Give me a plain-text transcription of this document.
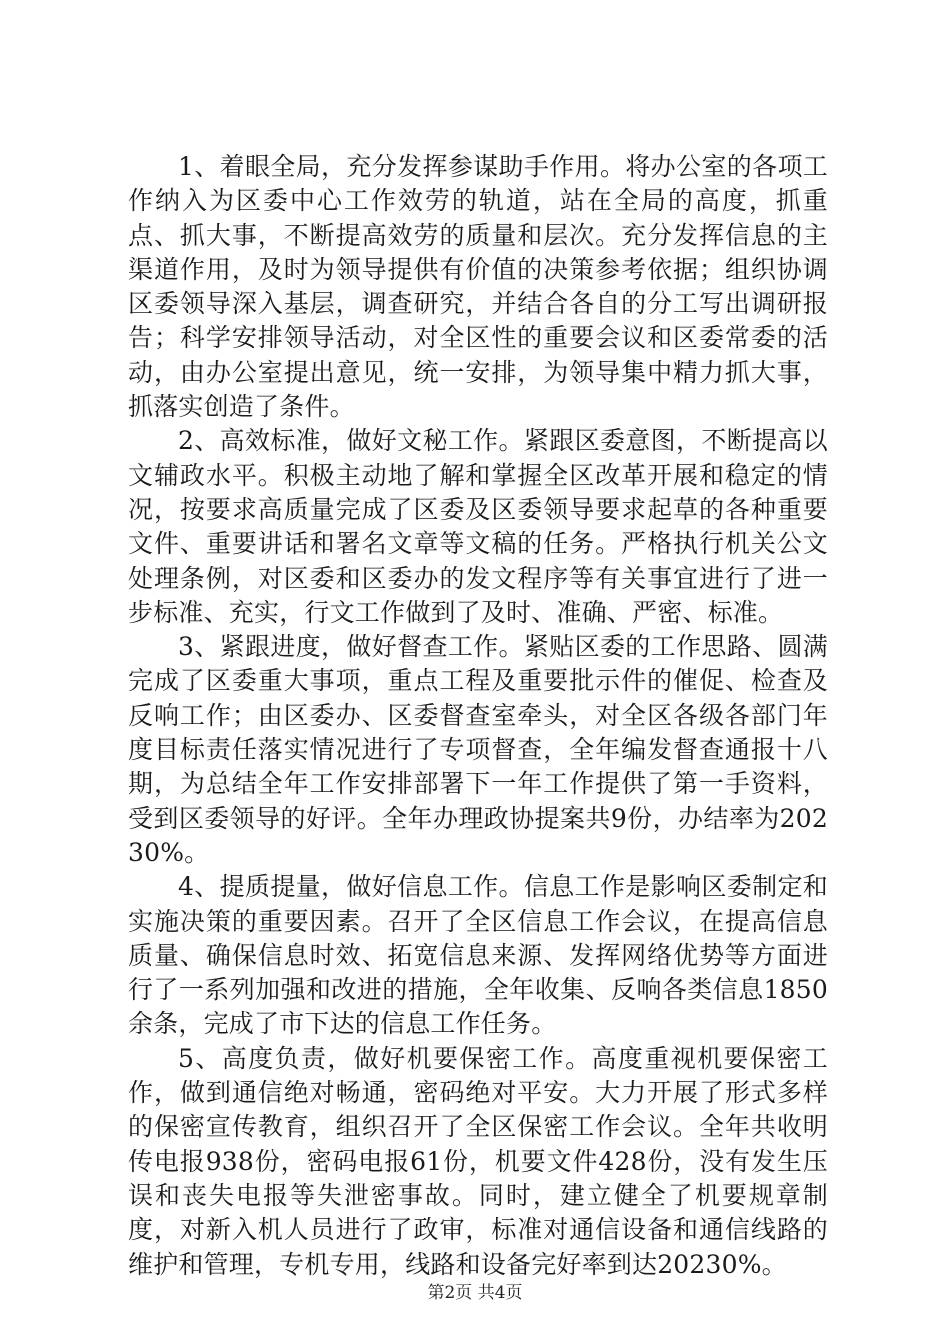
1、着眼全局，充分发挥参谋助手作用。将办公室的各项工作纳入为区委中心工作效劳的轨道，站在全局的高度，抓重点、抓大事，不断提高效劳的质量和层次。充分发挥信息的主渠道作用，及时为领导提供有价值的决策参考依据；组织协调区委领导深入基层，调查研究，并结合各自的分工写出调研报告；科学安排领导活动，对全区性的重要会议和区委常委的活动，由办公室提出意见，统一安排，为领导集中精力抓大事，抓落实创造了条件。

2、高效标准，做好文秘工作。紧跟区委意图，不断提高以文辅政水平。积极主动地了解和掌握全区改革开展和稳定的情况，按要求高质量完成了区委及区委领导要求起草的各种重要文件、重要讲话和署名文章等文稿的任务。严格执行机关公文处理条例，对区委和区委办的发文程序等有关事宜进行了进一步标准、充实，行文工作做到了及时、准确、严密、标准。

3、紧跟进度，做好督查工作。紧贴区委的工作思路、圆满完成了区委重大事项，重点工程及重要批示件的催促、检查及反响工作；由区委办、区委督查室牵头，对全区各级各部门年度目标责任落实情况进行了专项督查，全年编发督查通报十八期，为总结全年工作安排部署下一年工作提供了第一手资料，受到区委领导的好评。全年办理政协提案共9份，办结率为20230%。

4、提质提量，做好信息工作。信息工作是影响区委制定和实施决策的重要因素。召开了全区信息工作会议，在提高信息质量、确保信息时效、拓宽信息来源、发挥网络优势等方面进行了一系列加强和改进的措施，全年收集、反响各类信息1850余条，完成了市下达的信息工作任务。

5、高度负责，做好机要保密工作。高度重视机要保密工作，做到通信绝对畅通，密码绝对平安。大力开展了形式多样的保密宣传教育，组织召开了全区保密工作会议。全年共收明传电报938份，密码电报61份，机要文件428份，没有发生压误和丧失电报等失泄密事故。同时，建立健全了机要规章制度，对新入机人员进行了政审，标准对通信设备和通信线路的维护和管理，专机专用，线路和设备完好率到达20230%。

第2页 共4页
